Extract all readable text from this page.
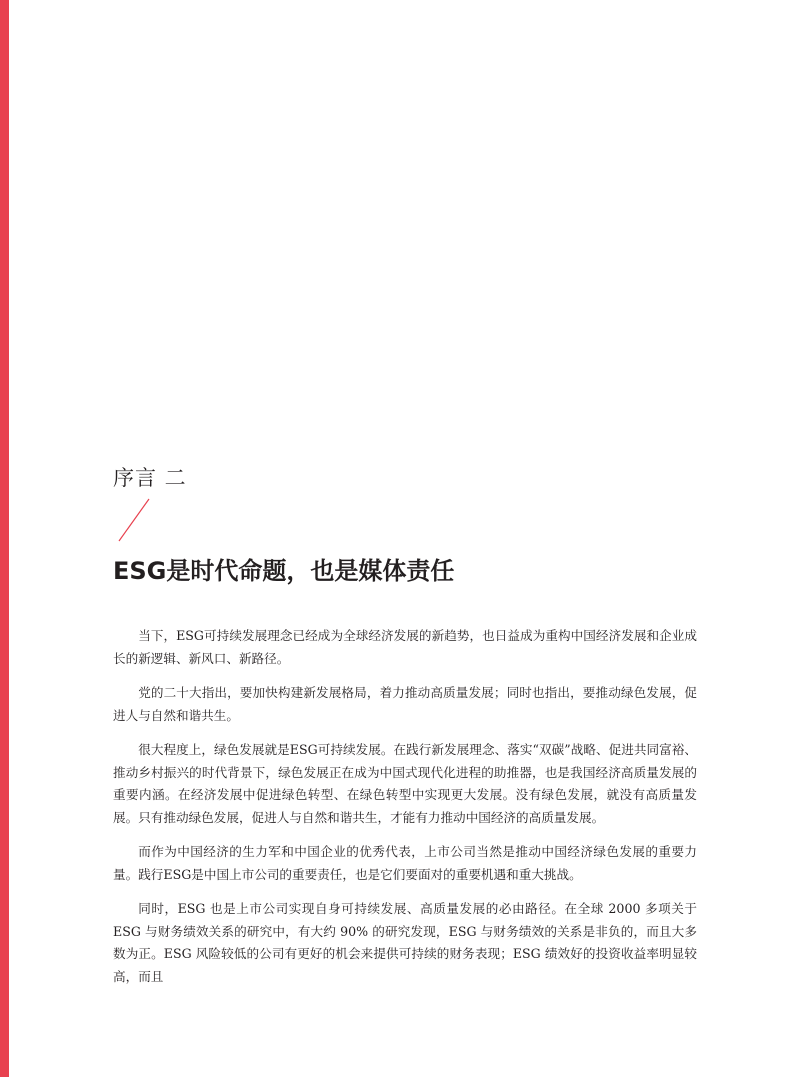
序言 二
ESG是时代命题，也是媒体责任

当下，ESG可持续发展理念已经成为全球经济发展的新趋势，也日益成为重构中国经济发展和企业成长的新逻辑、新风口、新路径。

党的二十大指出，要加快构建新发展格局，着力推动高质量发展；同时也指出，要推动绿色发展，促进人与自然和谐共生。

很大程度上，绿色发展就是ESG可持续发展。在践行新发展理念、落实“双碳”战略、促进共同富裕、推动乡村振兴的时代背景下，绿色发展正在成为中国式现代化进程的助推器，也是我国经济高质量发展的重要内涵。在经济发展中促进绿色转型、在绿色转型中实现更大发展。没有绿色发展，就没有高质量发展。只有推动绿色发展，促进人与自然和谐共生，才能有力推动中国经济的高质量发展。

而作为中国经济的生力军和中国企业的优秀代表，上市公司当然是推动中国经济绿色发展的重要力量。践行ESG是中国上市公司的重要责任，也是它们要面对的重要机遇和重大挑战。

同时，ESG 也是上市公司实现自身可持续发展、高质量发展的必由路径。在全球 2000 多项关于 ESG 与财务绩效关系的研究中，有大约 90% 的研究发现，ESG 与财务绩效的关系是非负的，而且大多数为正。ESG 风险较低的公司有更好的机会来提供可持续的财务表现；ESG 绩效好的投资收益率明显较高，而且
